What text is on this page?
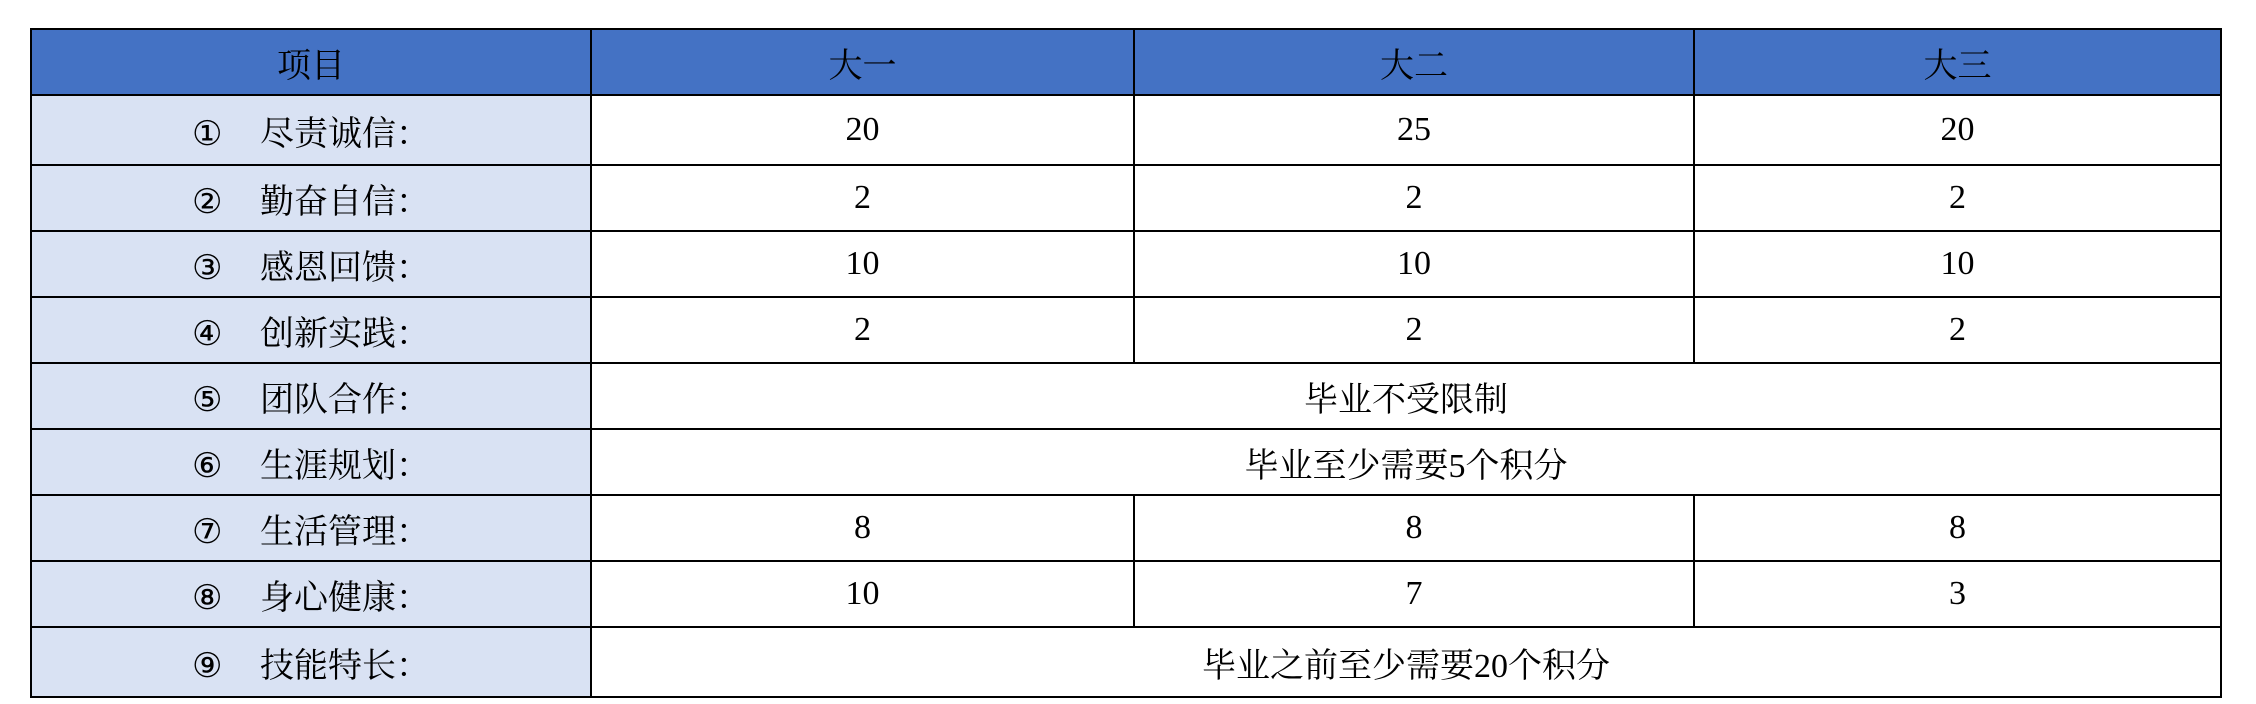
项目	大一	大二	大三
① 尽责诚信：	20	25	20
② 勤奋自信：	2	2	2
③ 感恩回馈：	10	10	10
④ 创新实践：	2	2	2
⑤ 团队合作：	毕业不受限制		
⑥ 生涯规划：	毕业至少需要5个积分		
⑦ 生活管理：	8	8	8
⑧ 身心健康：	10	7	3
⑨ 技能特长：	毕业之前至少需要20个积分		
